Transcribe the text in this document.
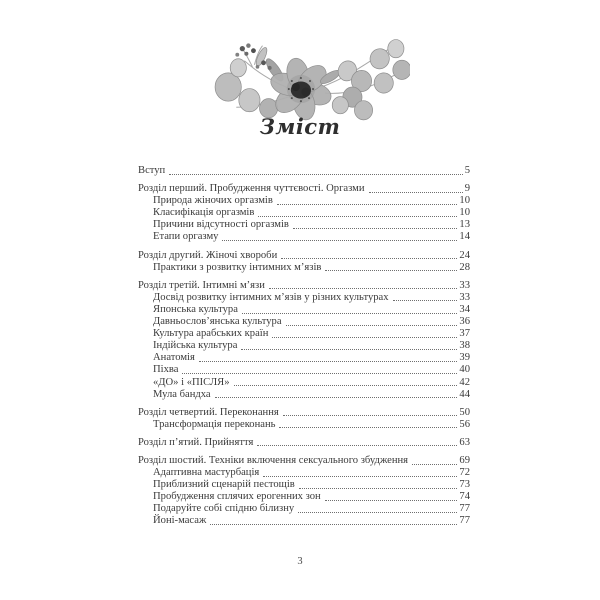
Зміст
Вступ	5
Розділ перший. Пробудження чуттєвості. Оргазми	9
Природа жіночих оргазмів	10
Класифікація оргазмів	10
Причини відсутності оргазмів	13
Етапи оргазму	14
Розділ другий. Жіночі хвороби	24
Практики з розвитку інтимних м’язів	28
Розділ третій. Інтимні м’язи	33
Досвід розвитку інтимних м’язів у різних культурах	33
Японська культура	34
Давньослов’янська культура	36
Культура арабських країн	37
Індійська культура	38
Анатомія	39
Піхва	40
«ДО» і «ПІСЛЯ»	42
Мула бандха	44
Розділ четвертий. Переконання	50
Трансформація переконань	56
Розділ п’ятий. Прийняття	63
Розділ шостий. Техніки включення сексуального збудження	69
Адаптивна мастурбація	72
Приблизний сценарій пестощів	73
Пробудження сплячих ерогенних зон	74
Подаруйте собі спідню білизну	77
Йоні-масаж	77
3
